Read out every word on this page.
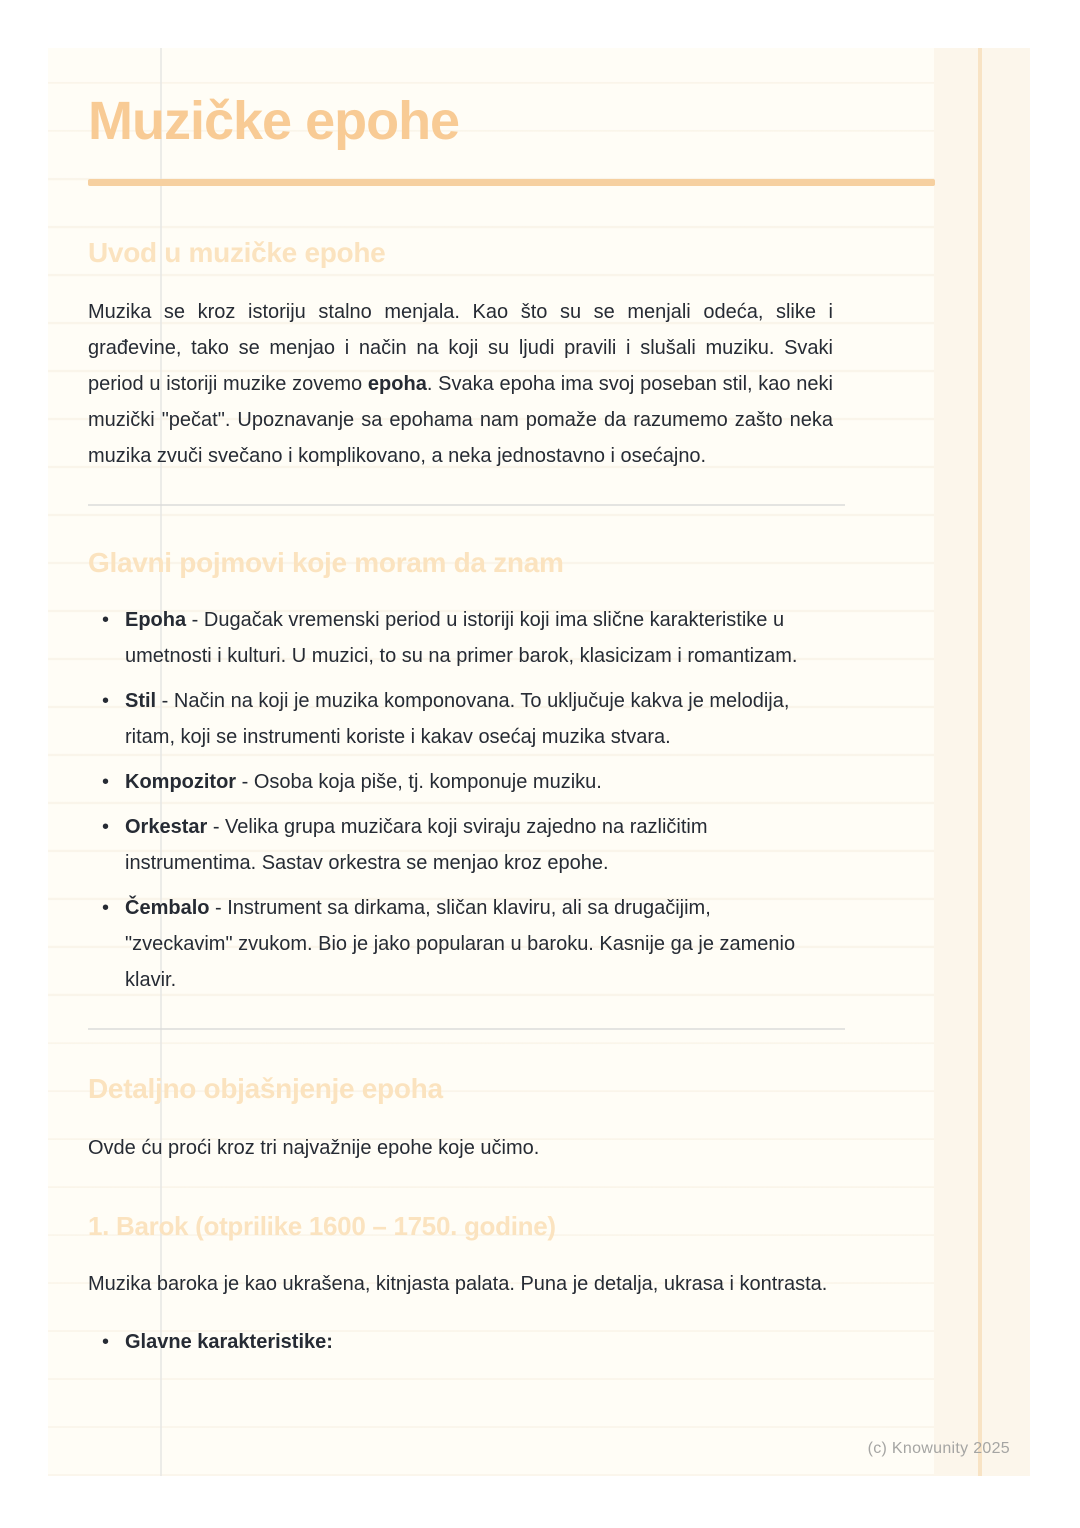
Muzičke epohe
Uvod u muzičke epohe

Muzika se kroz istoriju stalno menjala. Kao što su se menjali odeća, slike i građevine, tako se menjao i način na koji su ljudi pravili i slušali muziku. Svaki period u istoriji muzike zovemo epoha. Svaka epoha ima svoj poseban stil, kao neki muzički "pečat". Upoznavanje sa epohama nam pomaže da razumemo zašto neka muzika zvuči svečano i komplikovano, a neka jednostavno i osećajno.

Glavni pojmovi koje moram da znam
• Epoha - Dugačak vremenski period u istoriji koji ima slične karakteristike u umetnosti i kulturi. U muzici, to su na primer barok, klasicizam i romantizam.
• Stil - Način na koji je muzika komponovana. To uključuje kakva je melodija, ritam, koji se instrumenti koriste i kakav osećaj muzika stvara.
• Kompozitor - Osoba koja piše, tj. komponuje muziku.
• Orkestar - Velika grupa muzičara koji sviraju zajedno na različitim instrumentima. Sastav orkestra se menjao kroz epohe.
• Čembalo - Instrument sa dirkama, sličan klaviru, ali sa drugačijim, "zveckavim" zvukom. Bio je jako popularan u baroku. Kasnije ga je zamenio klavir.
Detaljno objašnjenje epoha

Ovde ću proći kroz tri najvažnije epohe koje učimo.

1. Barok (otprilike 1600 – 1750. godine)

Muzika baroka je kao ukrašena, kitnjasta palata. Puna je detalja, ukrasa i kontrasta.

• Glavne karakteristike:
(c) Knowunity 2025
